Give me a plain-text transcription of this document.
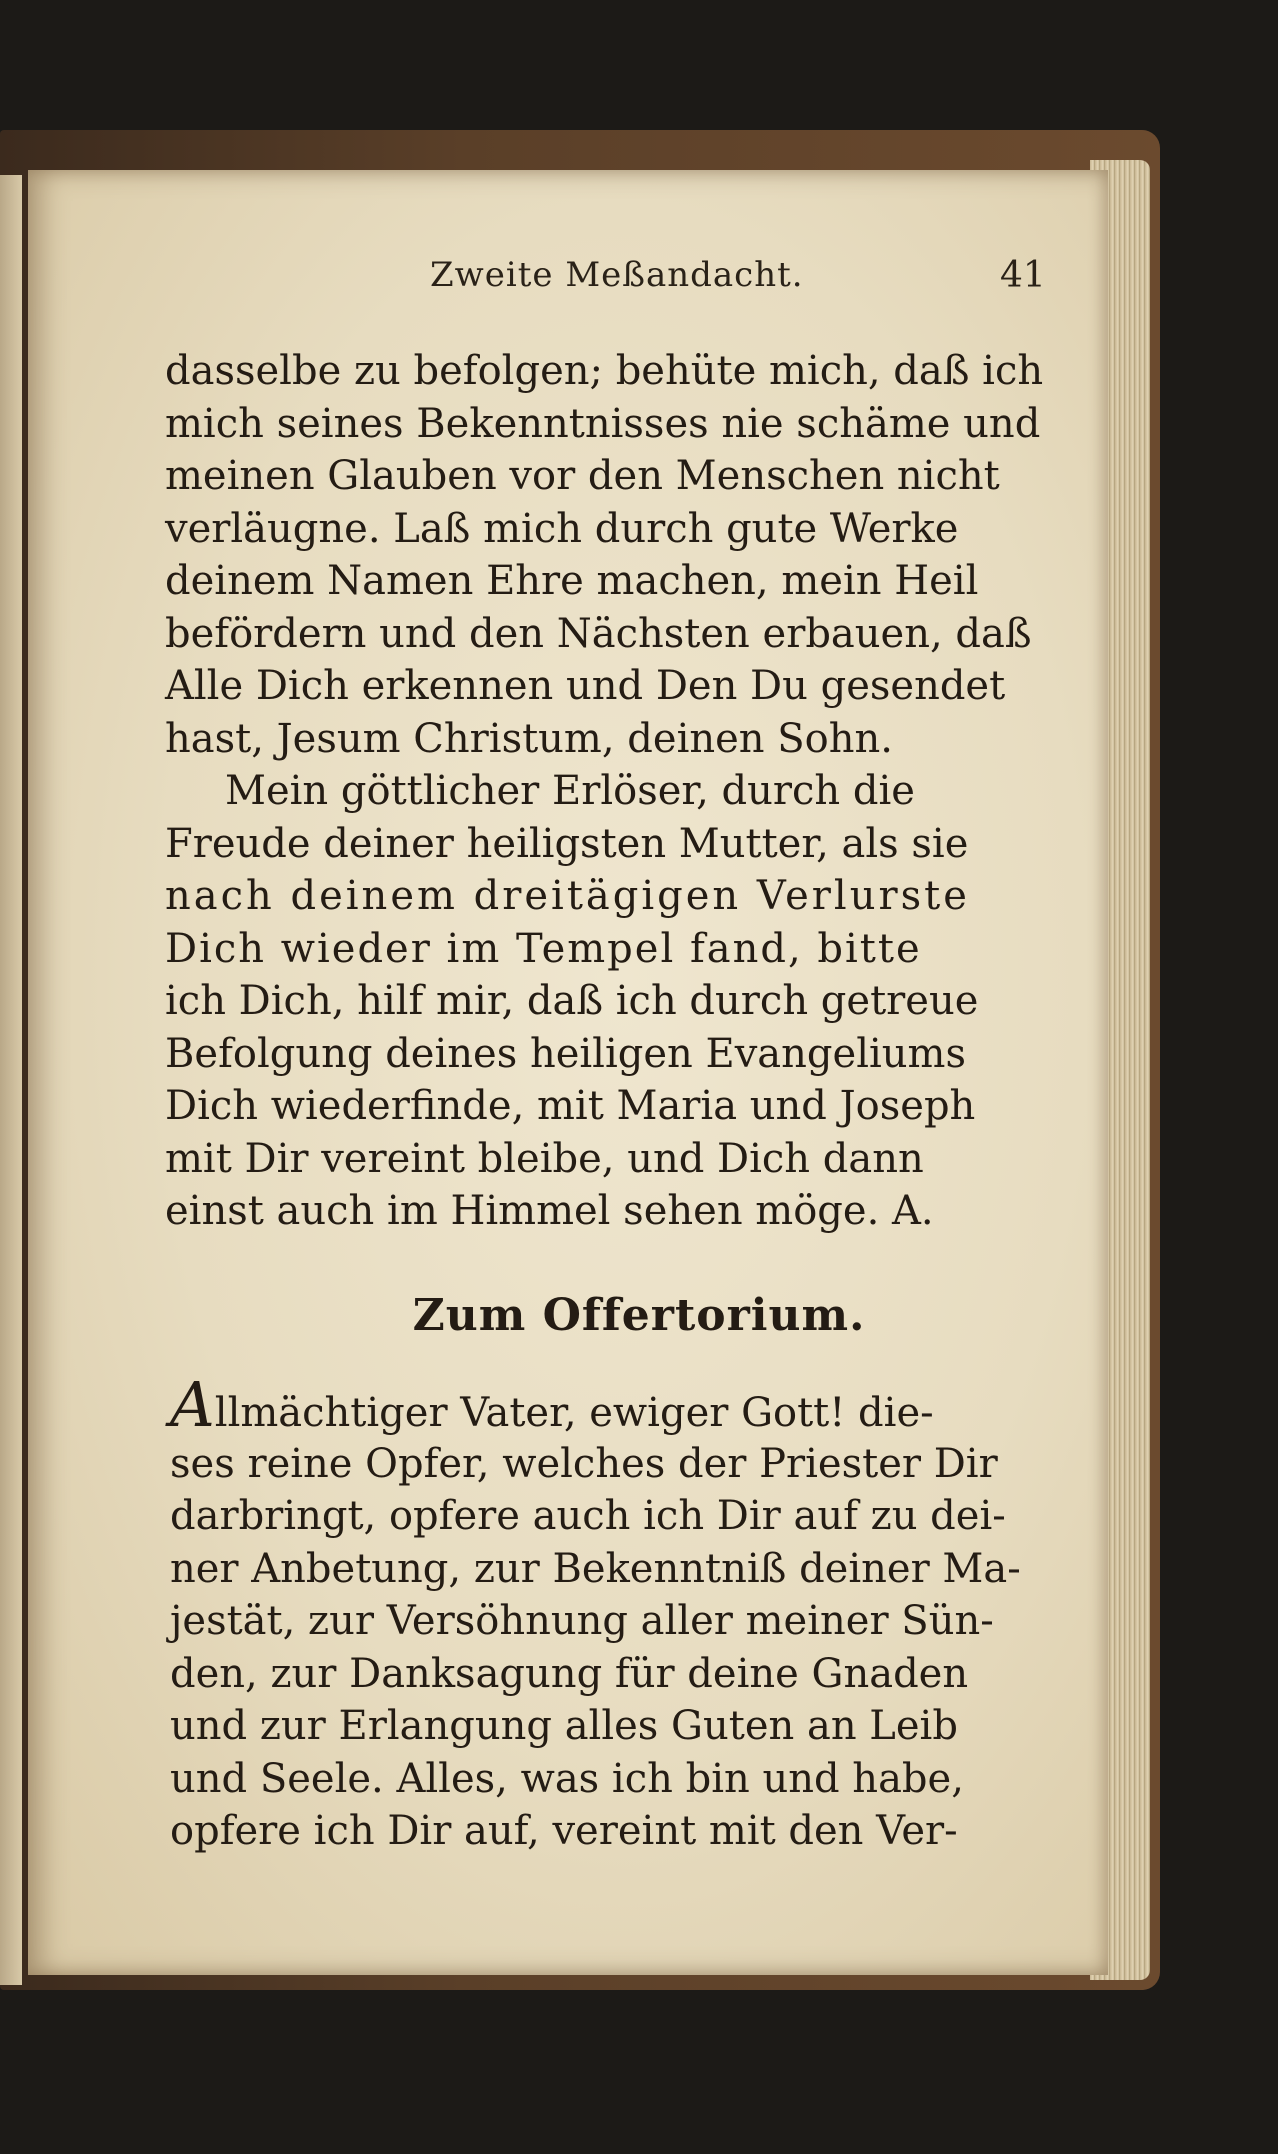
Zweite Meßandacht.	41
dasselbe zu befolgen; behüte mich, daß ich
mich seines Bekenntnisses nie schäme und
meinen Glauben vor den Menschen nicht
verläugne. Laß mich durch gute Werke
deinem Namen Ehre machen, mein Heil
befördern und den Nächsten erbauen, daß
Alle Dich erkennen und Den Du gesendet
hast, Jesum Christum, deinen Sohn.
Mein göttlicher Erlöser, durch die
Freude deiner heiligsten Mutter, als sie
nach deinem dreitägigen Verlurste
Dich wieder im Tempel fand, bitte
ich Dich, hilf mir, daß ich durch getreue
Befolgung deines heiligen Evangeliums
Dich wiederfinde, mit Maria und Joseph
mit Dir vereint bleibe, und Dich dann
einst auch im Himmel sehen möge. A.
Zum Offertorium.
Allmächtiger Vater, ewiger Gott! die-
ses reine Opfer, welches der Priester Dir
darbringt, opfere auch ich Dir auf zu dei-
ner Anbetung, zur Bekenntniß deiner Ma-
jestät, zur Versöhnung aller meiner Sün-
den, zur Danksagung für deine Gnaden
und zur Erlangung alles Guten an Leib
und Seele. Alles, was ich bin und habe,
opfere ich Dir auf, vereint mit den Ver-
